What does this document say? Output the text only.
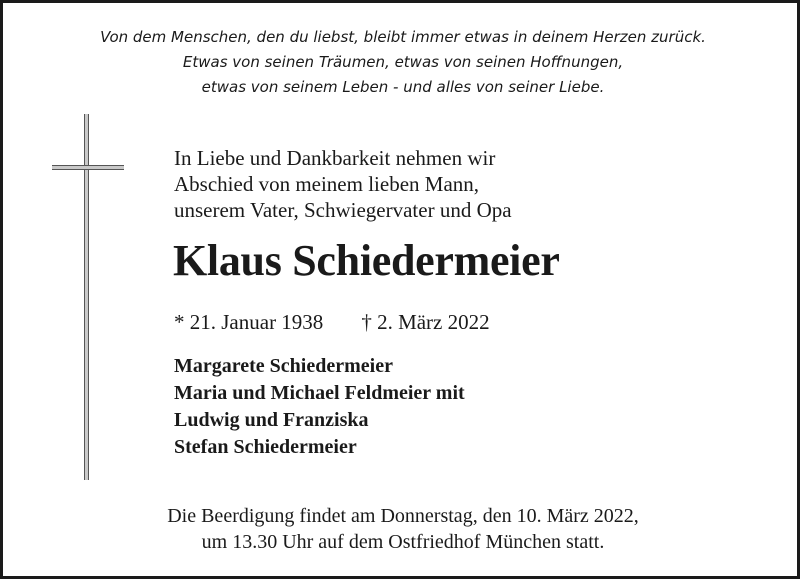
Von dem Menschen, den du liebst, bleibt immer etwas in deinem Herzen zurück.
Etwas von seinen Träumen, etwas von seinen Hoffnungen,
etwas von seinem Leben - und alles von seiner Liebe.
In Liebe und Dankbarkeit nehmen wir
Abschied von meinem lieben Mann,
unserem Vater, Schwiegervater und Opa
Klaus Schiedermeier
* 21. Januar 1938 † 2. März 2022
Margarete Schiedermeier
Maria und Michael Feldmeier mit
Ludwig und Franziska
Stefan Schiedermeier
Die Beerdigung findet am Donnerstag, den 10. März 2022,
um 13.30 Uhr auf dem Ostfriedhof München statt.
